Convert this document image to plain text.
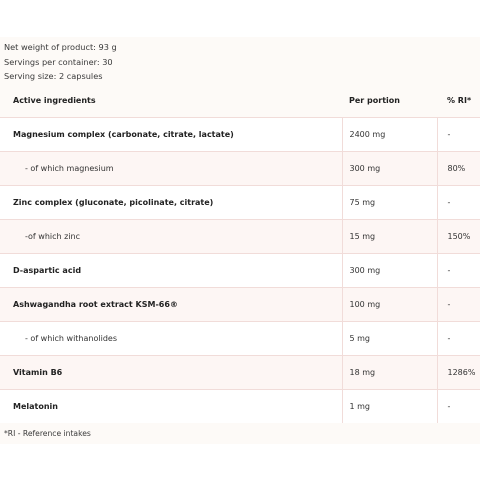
Net weight of product: 93 g
Servings per container: 30
Serving size: 2 capsules
Active ingredients	Per portion	% RI*
Magnesium complex (carbonate, citrate, lactate)	2400 mg	-
- of which magnesium	300 mg	80%
Zinc complex (gluconate, picolinate, citrate)	75 mg	-
-of which zinc	15 mg	150%
D-aspartic acid	300 mg	-
Ashwagandha root extract KSM-66®	100 mg	-
- of which withanolides	5 mg	-
Vitamin B6	18 mg	1286%
Melatonin	1 mg	-
*RI - Reference intakes
